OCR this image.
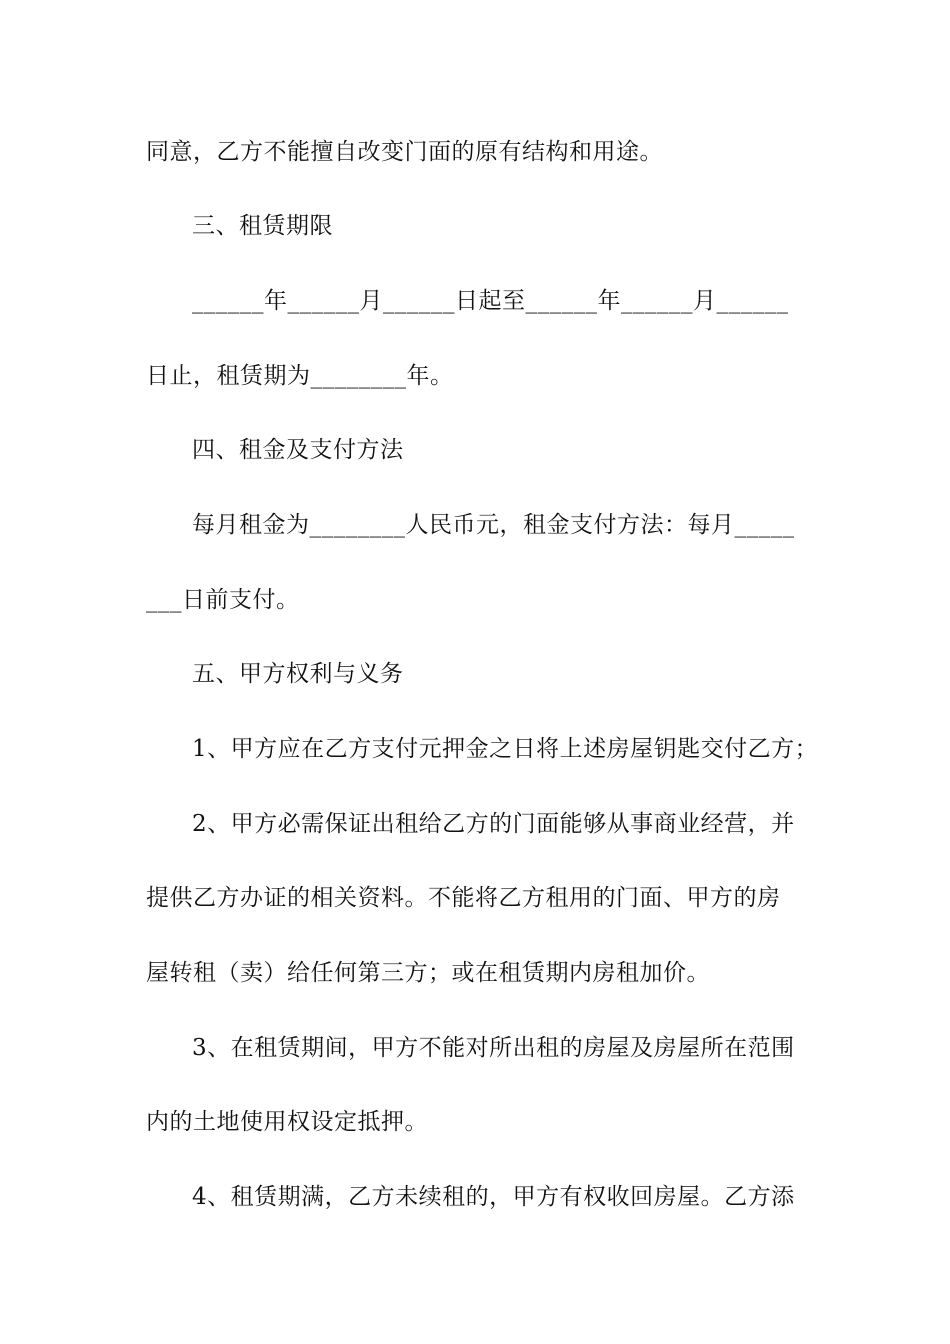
同意，乙方不能擅自改变门面的原有结构和用途。
三、租赁期限
______年______月______日起至______年______月______
日止，租赁期为________年。
四、租金及支付方法
每月租金为________人民币元，租金支付方法：每月_____
___日前支付。
五、甲方权利与义务
1、甲方应在乙方支付元押金之日将上述房屋钥匙交付乙方；
2、甲方必需保证出租给乙方的门面能够从事商业经营，并
提供乙方办证的相关资料。不能将乙方租用的门面、甲方的房
屋转租（卖）给任何第三方；或在租赁期内房租加价。
3、在租赁期间，甲方不能对所出租的房屋及房屋所在范围
内的土地使用权设定抵押。
4、租赁期满，乙方未续租的，甲方有权收回房屋。乙方添
